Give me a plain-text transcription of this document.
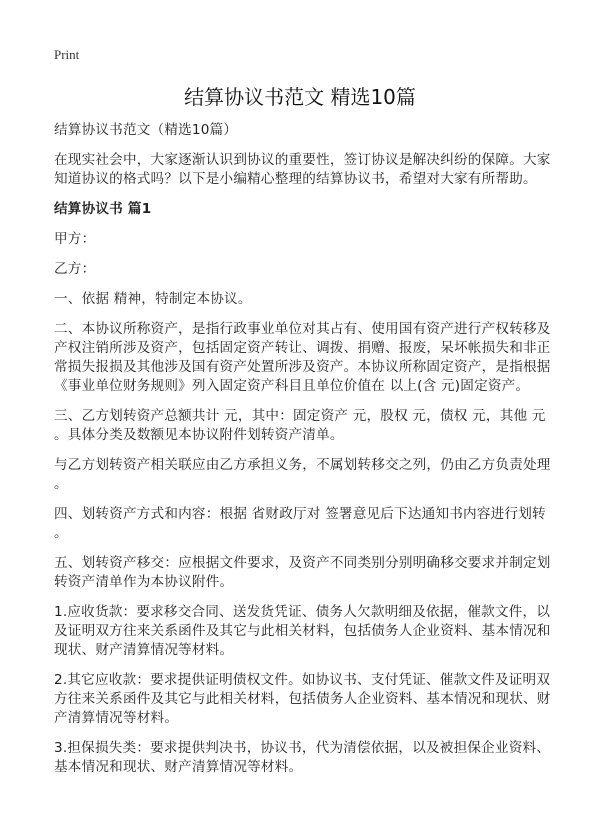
Print
结算协议书范文 精选10篇
结算协议书范文（精选10篇）
在现实社会中，大家逐渐认识到协议的重要性，签订协议是解决纠纷的保障。大家
知道协议的格式吗？以下是小编精心整理的结算协议书，希望对大家有所帮助。
结算协议书 篇1
甲方：
乙方：
一、依据 精神，特制定本协议。
二、本协议所称资产，是指行政事业单位对其占有、使用国有资产进行产权转移及
产权注销所涉及资产，包括固定资产转让、调拨、捐赠、报废，呆坏帐损失和非正
常损失报损及其他涉及国有资产处置所涉及资产。本协议所称固定资产，是指根据
《事业单位财务规则》列入固定资产科目且单位价值在 以上(含 元)固定资产。
三、乙方划转资产总额共计 元，其中：固定资产 元，股权 元，债权 元，其他 元
。具体分类及数额见本协议附件划转资产清单。
与乙方划转资产相关联应由乙方承担义务，不属划转移交之列，仍由乙方负责处理
。
四、划转资产方式和内容：根据 省财政厅对 签署意见后下达通知书内容进行划转
。
五、划转资产移交：应根据文件要求，及资产不同类别分别明确移交要求并制定划
转资产清单作为本协议附件。
1.应收货款：要求移交合同、送发货凭证、债务人欠款明细及依据，催款文件，以
及证明双方往来关系函件及其它与此相关材料，包括债务人企业资料、基本情况和
现状、财产清算情况等材料。
2.其它应收款：要求提供证明债权文件。如协议书、支付凭证、催款文件及证明双
方往来关系函件及其它与此相关材料，包括债务人企业资料、基本情况和现状、财
产清算情况等材料。
3.担保损失类：要求提供判决书，协议书，代为清偿依据，以及被担保企业资料、
基本情况和现状、财产清算情况等材料。
